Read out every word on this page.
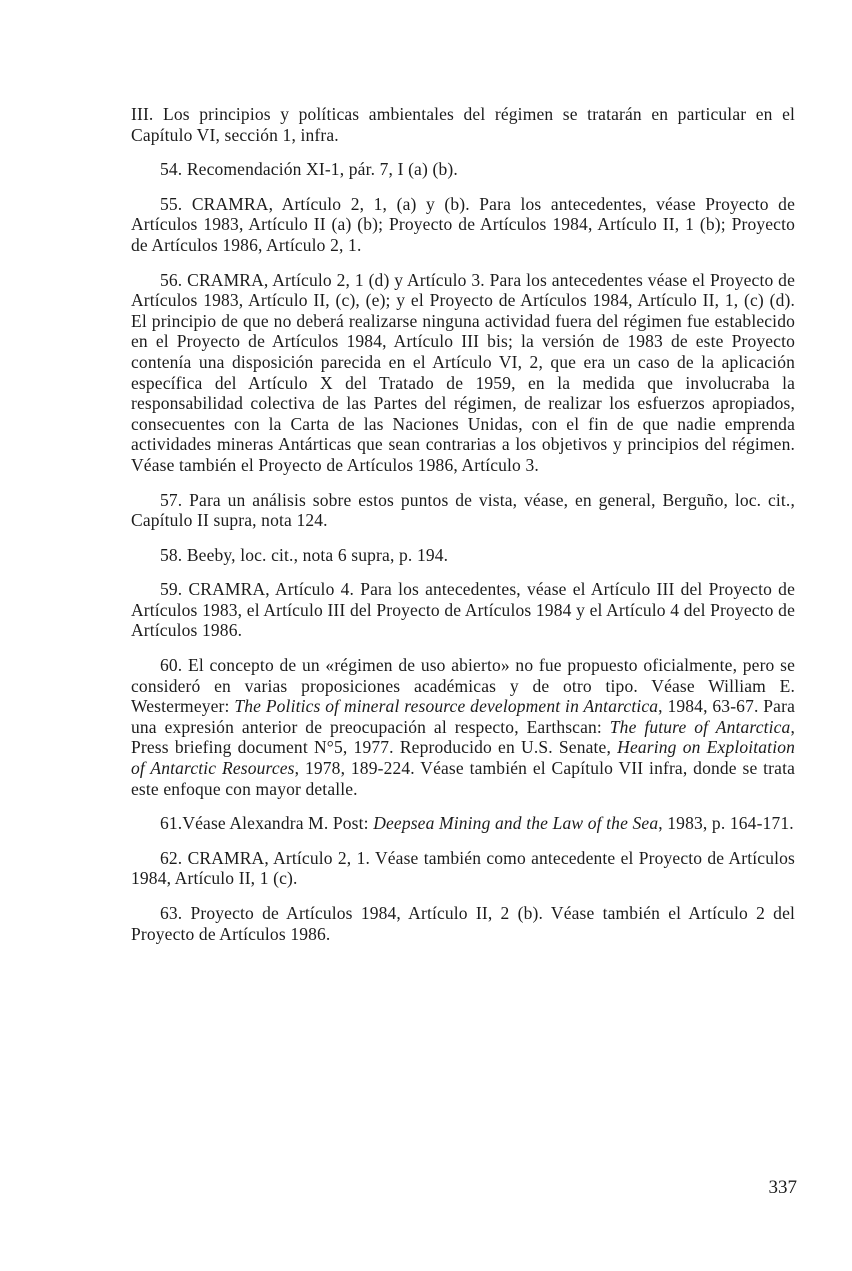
III. Los principios y políticas ambientales del régimen se tratarán en particular en el Capítulo VI, sección 1, infra.

54. Recomendación XI-1, pár. 7, I (a) (b).

55. CRAMRA, Artículo 2, 1, (a) y (b). Para los antecedentes, véase Proyecto de Artículos 1983, Artículo II (a) (b); Proyecto de Artículos 1984, Artículo II, 1 (b); Proyecto de Artículos 1986, Artículo 2, 1.

56. CRAMRA, Artículo 2, 1 (d) y Artículo 3. Para los antecedentes véase el Proyecto de Artículos 1983, Artículo II, (c), (e); y el Proyecto de Artículos 1984, Artículo II, 1, (c) (d). El principio de que no deberá realizarse ninguna actividad fuera del régimen fue establecido en el Proyecto de Artículos 1984, Artículo III bis; la versión de 1983 de este Proyecto contenía una disposición parecida en el Artículo VI, 2, que era un caso de la aplicación específica del Artículo X del Tratado de 1959, en la medida que involucraba la responsabilidad colectiva de las Partes del régimen, de realizar los esfuerzos apropiados, consecuentes con la Carta de las Naciones Unidas, con el fin de que nadie emprenda actividades mineras Antárticas que sean contrarias a los objetivos y principios del régimen. Véase también el Proyecto de Artículos 1986, Artículo 3.

57. Para un análisis sobre estos puntos de vista, véase, en general, Berguño, loc. cit., Capítulo II supra, nota 124.

58. Beeby, loc. cit., nota 6 supra, p. 194.

59. CRAMRA, Artículo 4. Para los antecedentes, véase el Artículo III del Proyecto de Artículos 1983, el Artículo III del Proyecto de Artículos 1984 y el Artículo 4 del Proyecto de Artículos 1986.

60. El concepto de un «régimen de uso abierto» no fue propuesto oficialmente, pero se consideró en varias proposiciones académicas y de otro tipo. Véase William E. Westermeyer: The Politics of mineral resource development in Antarctica, 1984, 63-67. Para una expresión anterior de preocupación al respecto, Earthscan: The future of Antarctica, Press briefing document N°5, 1977. Reproducido en U.S. Senate, Hearing on Exploitation of Antarctic Resources, 1978, 189-224. Véase también el Capítulo VII infra, donde se trata este enfoque con mayor detalle.

61.Véase Alexandra M. Post: Deepsea Mining and the Law of the Sea, 1983, p. 164-171.

62. CRAMRA, Artículo 2, 1. Véase también como antecedente el Proyecto de Artículos 1984, Artículo II, 1 (c).

63. Proyecto de Artículos 1984, Artículo II, 2 (b). Véase también el Artículo 2 del Proyecto de Artículos 1986.

337
